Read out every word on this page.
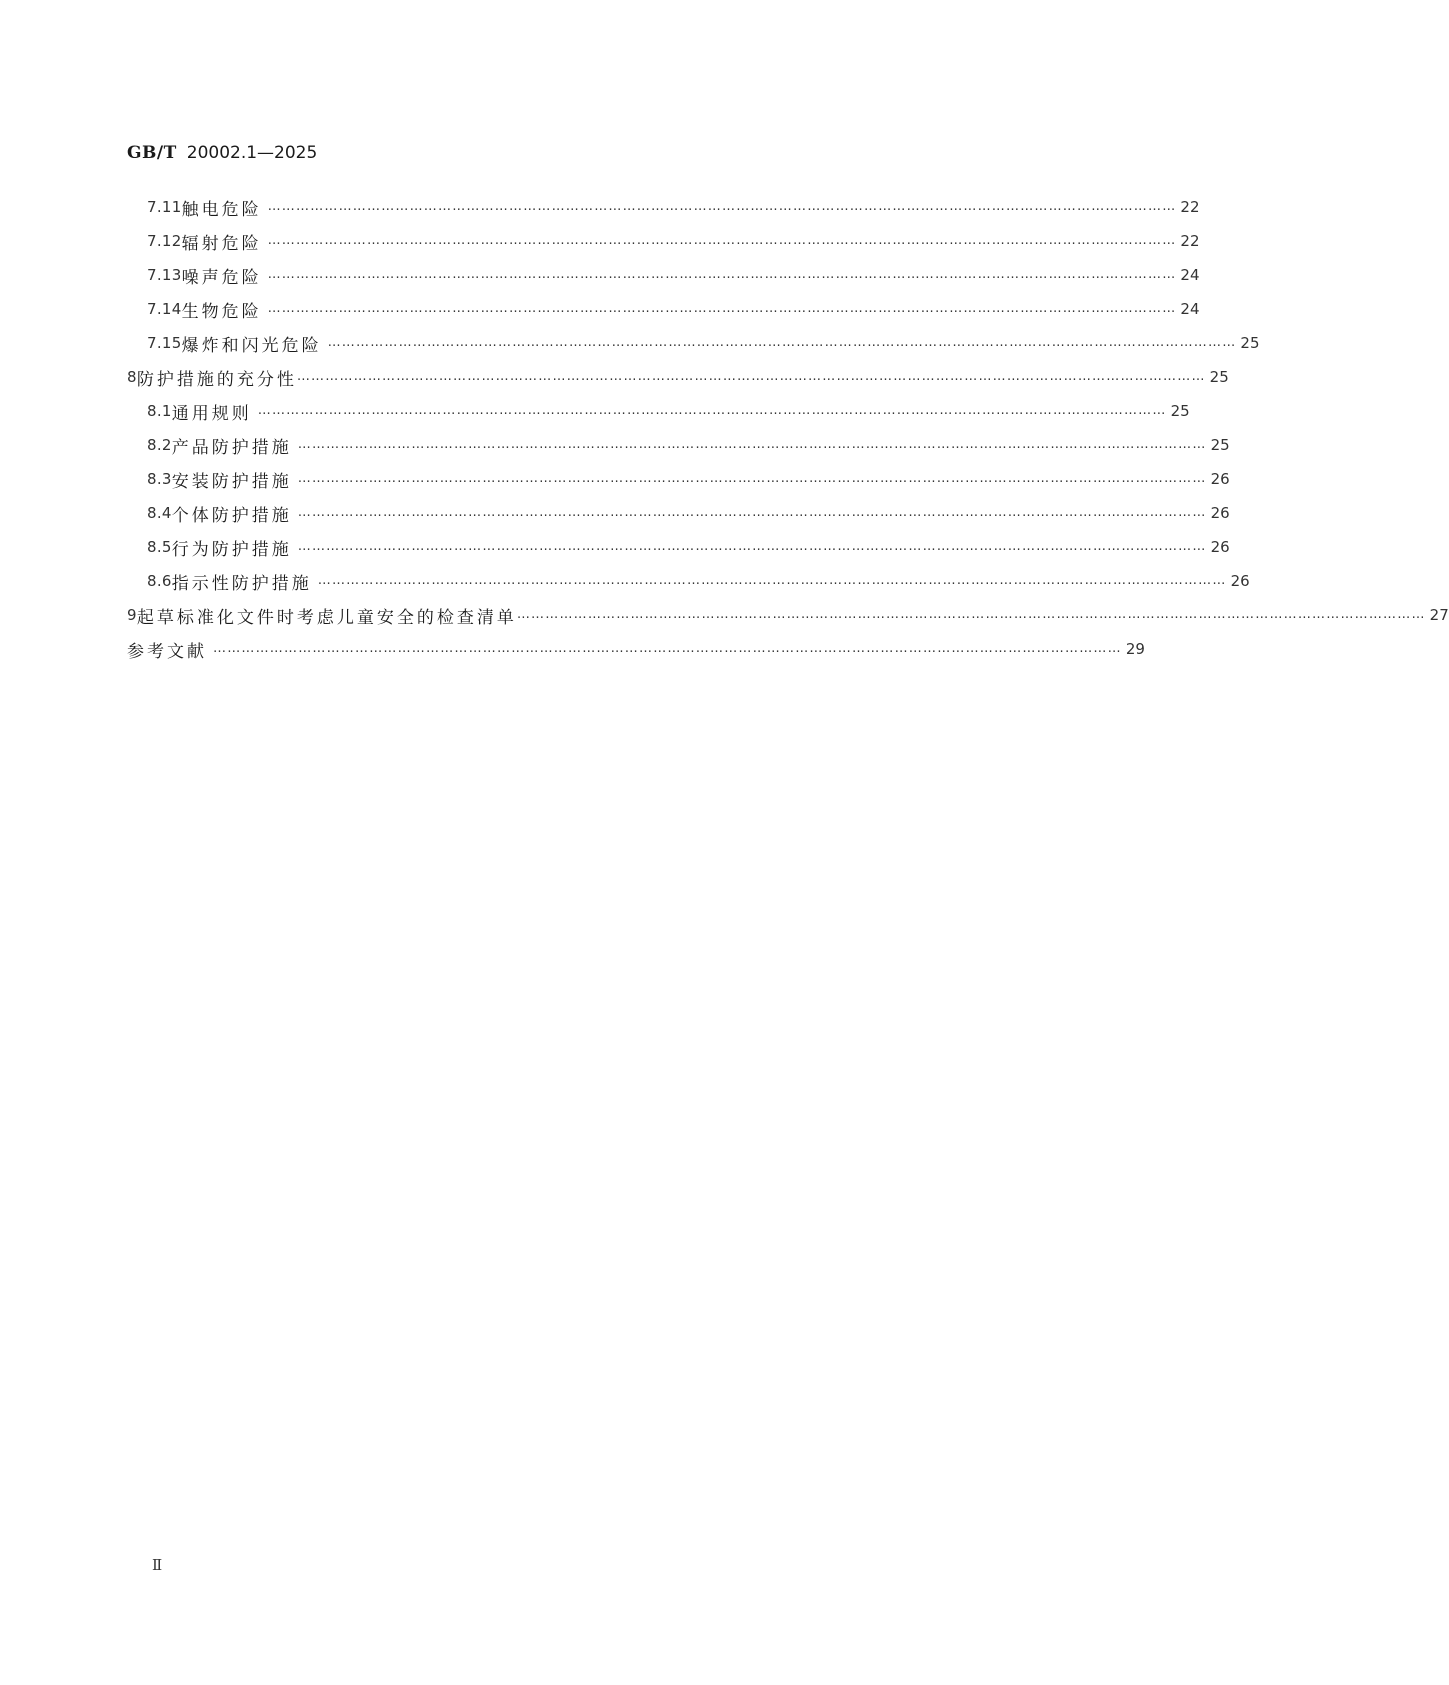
GB/T 20002.1—2025
7.11 触电危险 ………………………………………………………………………………………………………………………………………………………………………… 22
7.12 辐射危险 ………………………………………………………………………………………………………………………………………………………………………… 22
7.13 噪声危险 ………………………………………………………………………………………………………………………………………………………………………… 24
7.14 生物危险 ………………………………………………………………………………………………………………………………………………………………………… 24
7.15 爆炸和闪光危险 ………………………………………………………………………………………………………………………………………………………………………… 25
8 防护措施的充分性 ………………………………………………………………………………………………………………………………………………………………………… 25
8.1 通用规则 ………………………………………………………………………………………………………………………………………………………………………… 25
8.2 产品防护措施 ………………………………………………………………………………………………………………………………………………………………………… 25
8.3 安装防护措施 ………………………………………………………………………………………………………………………………………………………………………… 26
8.4 个体防护措施 ………………………………………………………………………………………………………………………………………………………………………… 26
8.5 行为防护措施 ………………………………………………………………………………………………………………………………………………………………………… 26
8.6 指示性防护措施 ………………………………………………………………………………………………………………………………………………………………………… 26
9 起草标准化文件时考虑儿童安全的检查清单 ………………………………………………………………………………………………………………………………………………………………………… 27
参考文献 ………………………………………………………………………………………………………………………………………………………………………… 29
Ⅱ
